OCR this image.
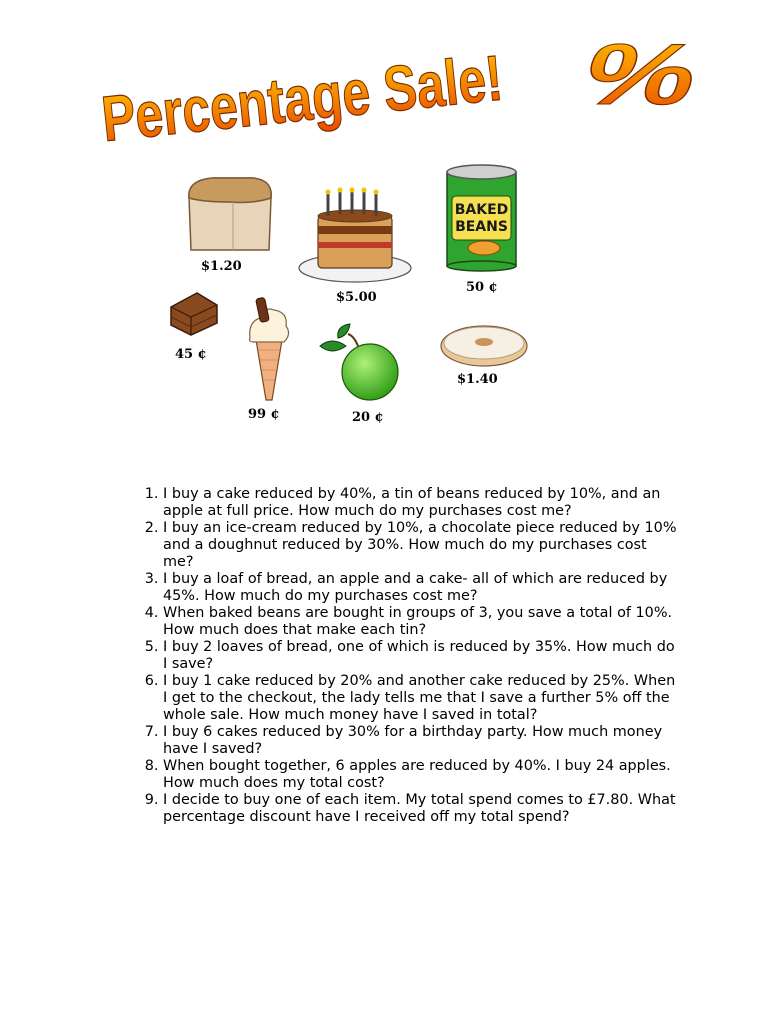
Percentage Sale! %
$1.20
$5.00
BAKED
BEANS
50 ¢
45 ¢
99 ¢	20 ¢
$1.40
1. I buy a cake reduced by 40%, a tin of beans reduced by 10%, and an apple at full price. How much do my purchases cost me?
2. I buy an ice-cream reduced by 10%, a chocolate piece reduced by 10% and a doughnut reduced by 30%. How much do my purchases cost me?
3. I buy a loaf of bread, an apple and a cake- all of which are reduced by 45%. How much do my purchases cost me?
4. When baked beans are bought in groups of 3, you save a total of 10%. How much does that make each tin?
5. I buy 2 loaves of bread, one of which is reduced by 35%. How much do I save?
6. I buy 1 cake reduced by 20% and another cake reduced by 25%. When I get to the checkout, the lady tells me that I save a further 5% off the whole sale. How much money have I saved in total?
7. I buy 6 cakes reduced by 30% for a birthday party. How much money have I saved?
8. When bought together, 6 apples are reduced by 40%. I buy 24 apples. How much does my total cost?
9. I decide to buy one of each item. My total spend comes to £7.80. What percentage discount have I received off my total spend?
